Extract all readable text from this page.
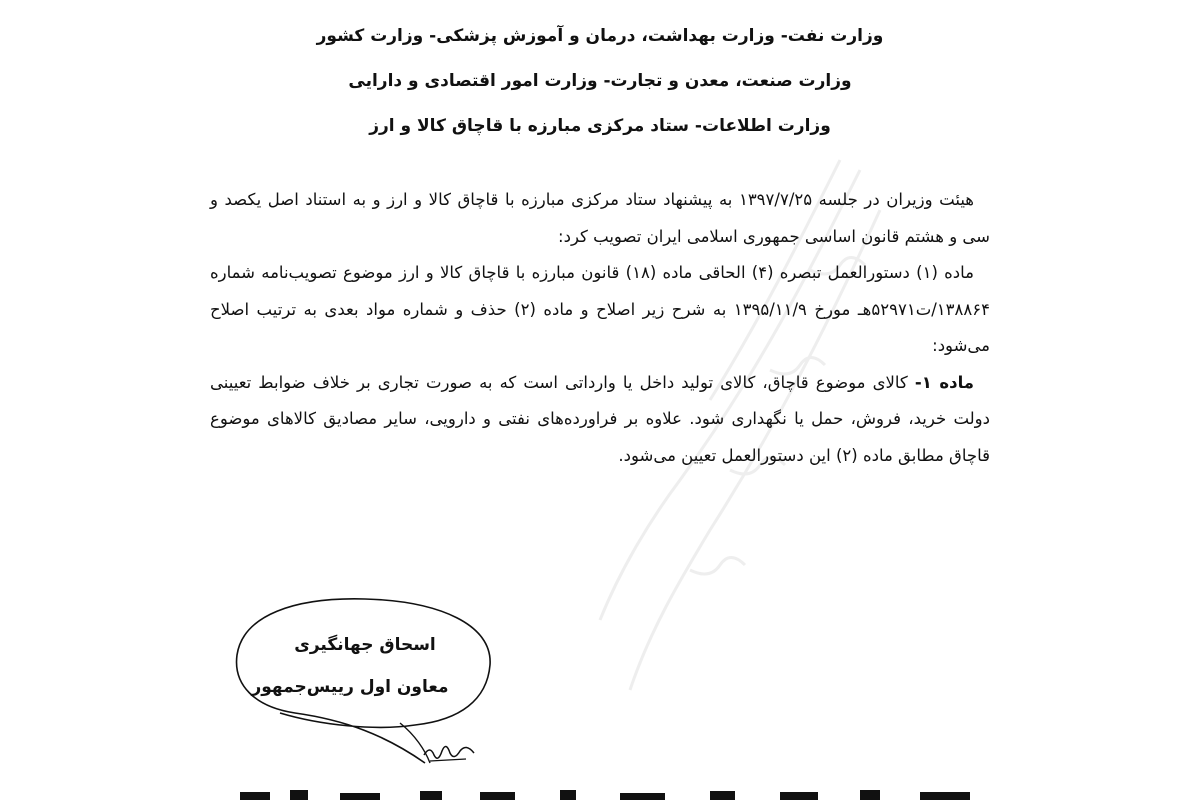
وزارت نفت- وزارت بهداشت، درمان و آموزش پزشکی- وزارت کشور
وزارت صنعت، معدن و تجارت- وزارت امور اقتصادی و دارایی
وزارت اطلاعات- ستاد مرکزی مبارزه با قاچاق کالا و ارز

هیئت وزیران در جلسه ۱۳۹۷/۷/۲۵ به پیشنهاد ستاد مرکزی مبارزه با قاچاق کالا و ارز و به استناد اصل یکصد و سی و هشتم قانون اساسی جمهوری اسلامی ایران تصویب کرد:

ماده (۱) دستورالعمل تبصره (۴) الحاقی ماده (۱۸) قانون مبارزه با قاچاق کالا و ارز موضوع تصویب‌نامه شماره ۱۳۸۸۶۴/ت۵۲۹۷۱هـ مورخ ۱۳۹۵/۱۱/۹ به شرح زیر اصلاح و ماده (۲) حذف و شماره مواد بعدی به ترتیب اصلاح می‌شود:

ماده ۱- کالای موضوع قاچاق، کالای تولید داخل یا وارداتی است که به صورت تجاری بر خلاف ضوابط تعیینی دولت خرید، فروش، حمل یا نگهداری شود. علاوه بر فراورده‌های نفتی و دارویی، سایر مصادیق کالاهای موضوع قاچاق مطابق ماده (۲) این دستورالعمل تعیین می‌شود.

اسحاق جهانگیری
معاون اول رییس‌جمهور
